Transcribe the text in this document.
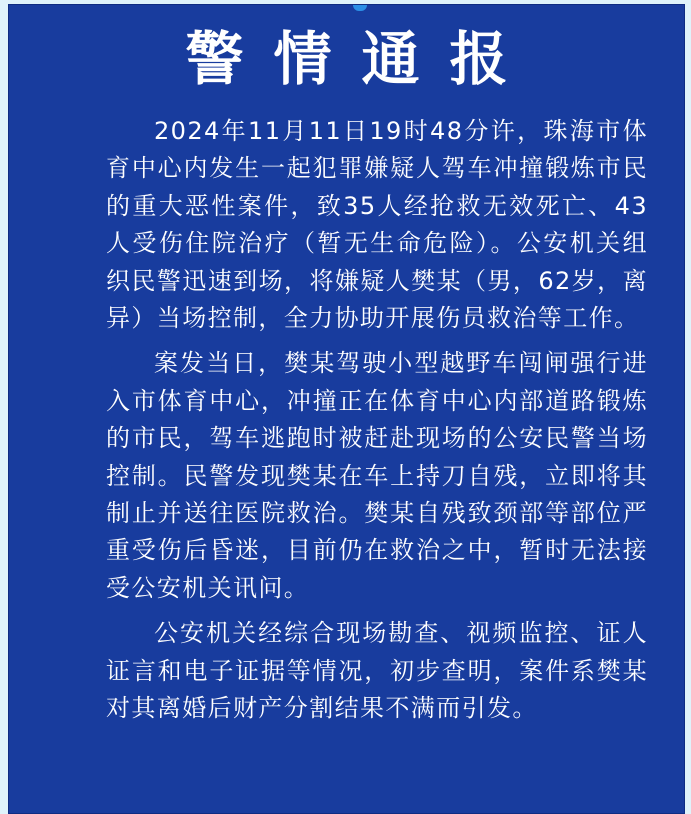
警情通报

2024年11月11日19时48分许，珠海市体育中心内发生一起犯罪嫌疑人驾车冲撞锻炼市民的重大恶性案件，致35人经抢救无效死亡、43人受伤住院治疗（暂无生命危险）。公安机关组织民警迅速到场，将嫌疑人樊某（男，62岁，离异）当场控制，全力协助开展伤员救治等工作。

案发当日，樊某驾驶小型越野车闯闸强行进入市体育中心，冲撞正在体育中心内部道路锻炼的市民，驾车逃跑时被赶赴现场的公安民警当场控制。民警发现樊某在车上持刀自残，立即将其制止并送往医院救治。樊某自残致颈部等部位严重受伤后昏迷，目前仍在救治之中，暂时无法接受公安机关讯问。

公安机关经综合现场勘查、视频监控、证人证言和电子证据等情况，初步查明，案件系樊某对其离婚后财产分割结果不满而引发。
